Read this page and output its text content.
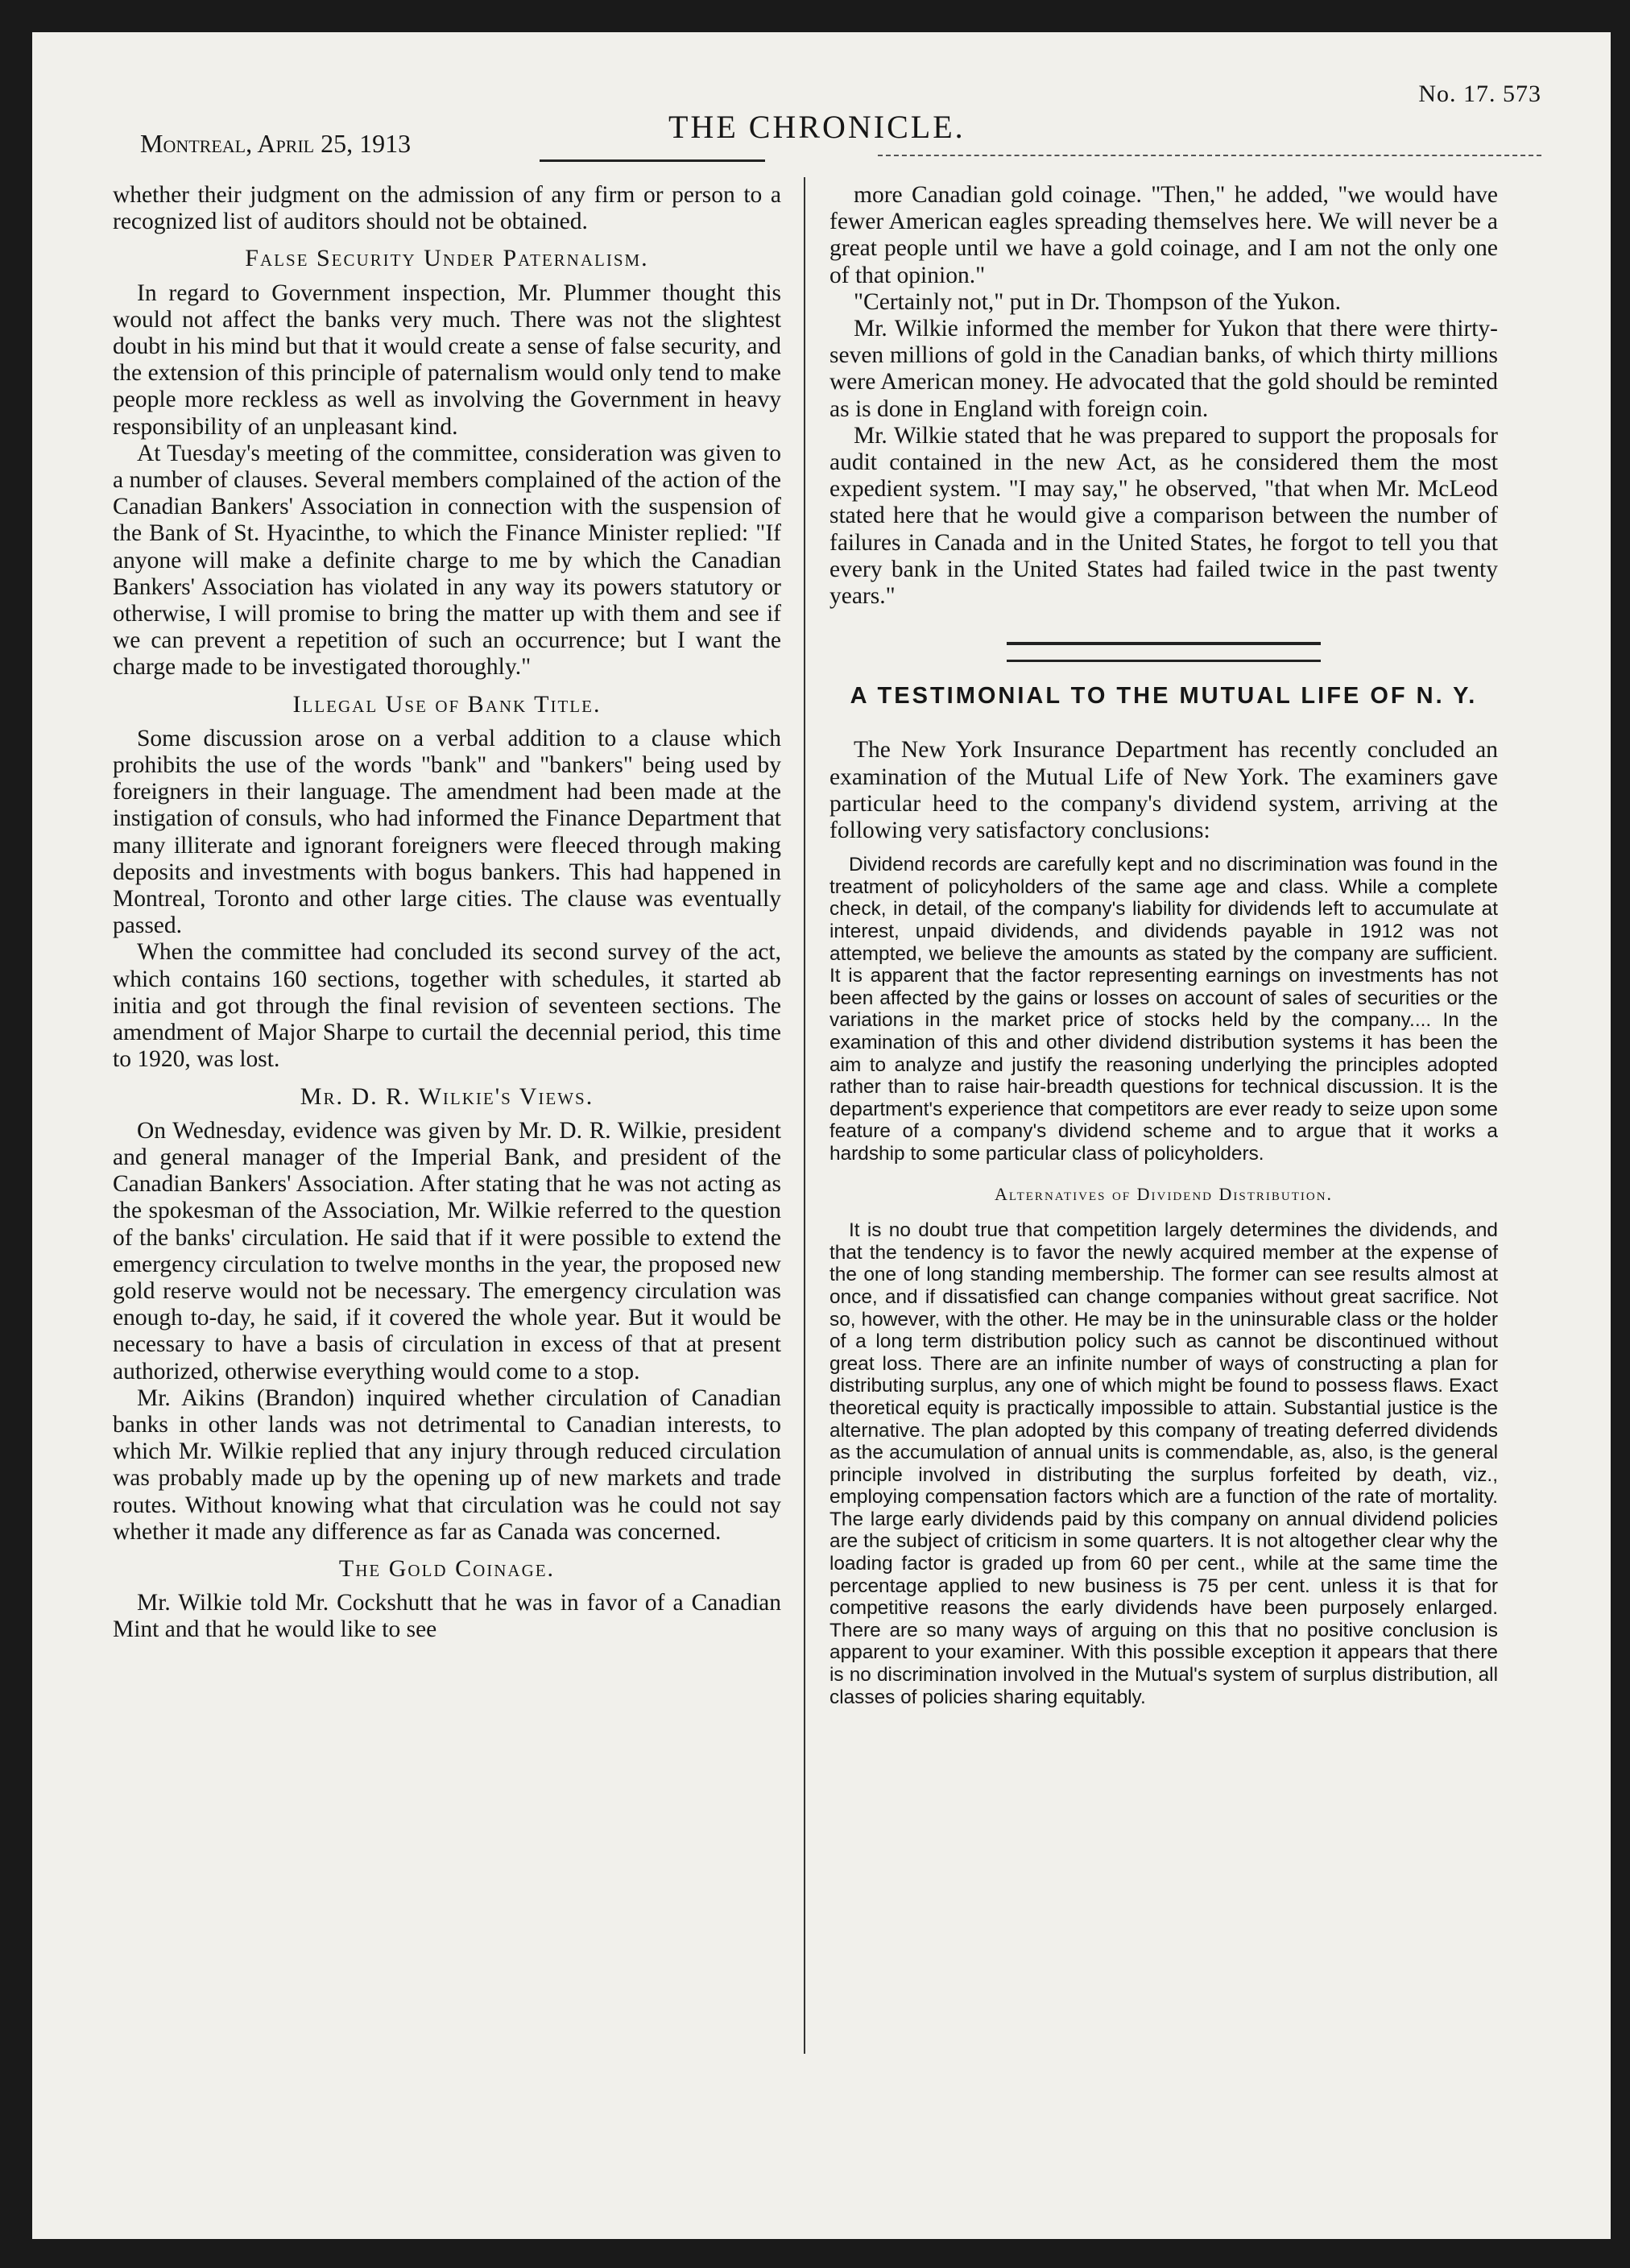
No. 17. 573
Montreal, April 25, 1913	THE CHRONICLE.

whether their judgment on the admission of any firm or person to a recognized list of auditors should not be obtained.

False Security Under Paternalism.

In regard to Government inspection, Mr. Plummer thought this would not affect the banks very much. There was not the slightest doubt in his mind but that it would create a sense of false security, and the extension of this principle of paternalism would only tend to make people more reckless as well as involving the Government in heavy responsibility of an unpleasant kind.

At Tuesday's meeting of the committee, consideration was given to a number of clauses. Several members complained of the action of the Canadian Bankers' Association in connection with the suspension of the Bank of St. Hyacinthe, to which the Finance Minister replied: "If anyone will make a definite charge to me by which the Canadian Bankers' Association has violated in any way its powers statutory or otherwise, I will promise to bring the matter up with them and see if we can prevent a repetition of such an occurrence; but I want the charge made to be investigated thoroughly."

Illegal Use of Bank Title.

Some discussion arose on a verbal addition to a clause which prohibits the use of the words "bank" and "bankers" being used by foreigners in their language. The amendment had been made at the instigation of consuls, who had informed the Finance Department that many illiterate and ignorant foreigners were fleeced through making deposits and investments with bogus bankers. This had happened in Montreal, Toronto and other large cities. The clause was eventually passed.

When the committee had concluded its second survey of the act, which contains 160 sections, together with schedules, it started ab initia and got through the final revision of seventeen sections. The amendment of Major Sharpe to curtail the decennial period, this time to 1920, was lost.

Mr. D. R. Wilkie's Views.

On Wednesday, evidence was given by Mr. D. R. Wilkie, president and general manager of the Imperial Bank, and president of the Canadian Bankers' Association. After stating that he was not acting as the spokesman of the Association, Mr. Wilkie referred to the question of the banks' circulation. He said that if it were possible to extend the emergency circulation to twelve months in the year, the proposed new gold reserve would not be necessary. The emergency circulation was enough to-day, he said, if it covered the whole year. But it would be necessary to have a basis of circulation in excess of that at present authorized, otherwise everything would come to a stop.

Mr. Aikins (Brandon) inquired whether circulation of Canadian banks in other lands was not detrimental to Canadian interests, to which Mr. Wilkie replied that any injury through reduced circulation was probably made up by the opening up of new markets and trade routes. Without knowing what that circulation was he could not say whether it made any difference as far as Canada was concerned.

The Gold Coinage.

Mr. Wilkie told Mr. Cockshutt that he was in favor of a Canadian Mint and that he would like to see

more Canadian gold coinage. "Then," he added, "we would have fewer American eagles spreading themselves here. We will never be a great people until we have a gold coinage, and I am not the only one of that opinion."

"Certainly not," put in Dr. Thompson of the Yukon.

Mr. Wilkie informed the member for Yukon that there were thirty-seven millions of gold in the Canadian banks, of which thirty millions were American money. He advocated that the gold should be reminted as is done in England with foreign coin.

Mr. Wilkie stated that he was prepared to support the proposals for audit contained in the new Act, as he considered them the most expedient system. "I may say," he observed, "that when Mr. McLeod stated here that he would give a comparison between the number of failures in Canada and in the United States, he forgot to tell you that every bank in the United States had failed twice in the past twenty years."

A TESTIMONIAL TO THE MUTUAL LIFE OF N. Y.

The New York Insurance Department has recently concluded an examination of the Mutual Life of New York. The examiners gave particular heed to the company's dividend system, arriving at the following very satisfactory conclusions:

Dividend records are carefully kept and no discrimination was found in the treatment of policyholders of the same age and class. While a complete check, in detail, of the company's liability for dividends left to accumulate at interest, unpaid dividends, and dividends payable in 1912 was not attempted, we believe the amounts as stated by the company are sufficient. It is apparent that the factor representing earnings on investments has not been affected by the gains or losses on account of sales of securities or the variations in the market price of stocks held by the company.... In the examination of this and other dividend distribution systems it has been the aim to analyze and justify the reasoning underlying the principles adopted rather than to raise hair-breadth questions for technical discussion. It is the department's experience that competitors are ever ready to seize upon some feature of a company's dividend scheme and to argue that it works a hardship to some particular class of policyholders.

Alternatives of Dividend Distribution.

It is no doubt true that competition largely determines the dividends, and that the tendency is to favor the newly acquired member at the expense of the one of long standing membership. The former can see results almost at once, and if dissatisfied can change companies without great sacrifice. Not so, however, with the other. He may be in the uninsurable class or the holder of a long term distribution policy such as cannot be discontinued without great loss. There are an infinite number of ways of constructing a plan for distributing surplus, any one of which might be found to possess flaws. Exact theoretical equity is practically impossible to attain. Substantial justice is the alternative. The plan adopted by this company of treating deferred dividends as the accumulation of annual units is commendable, as, also, is the general principle involved in distributing the surplus forfeited by death, viz., employing compensation factors which are a function of the rate of mortality. The large early dividends paid by this company on annual dividend policies are the subject of criticism in some quarters. It is not altogether clear why the loading factor is graded up from 60 per cent., while at the same time the percentage applied to new business is 75 per cent. unless it is that for competitive reasons the early dividends have been purposely enlarged. There are so many ways of arguing on this that no positive conclusion is apparent to your examiner. With this possible exception it appears that there is no discrimination involved in the Mutual's system of surplus distribution, all classes of policies sharing equitably.
